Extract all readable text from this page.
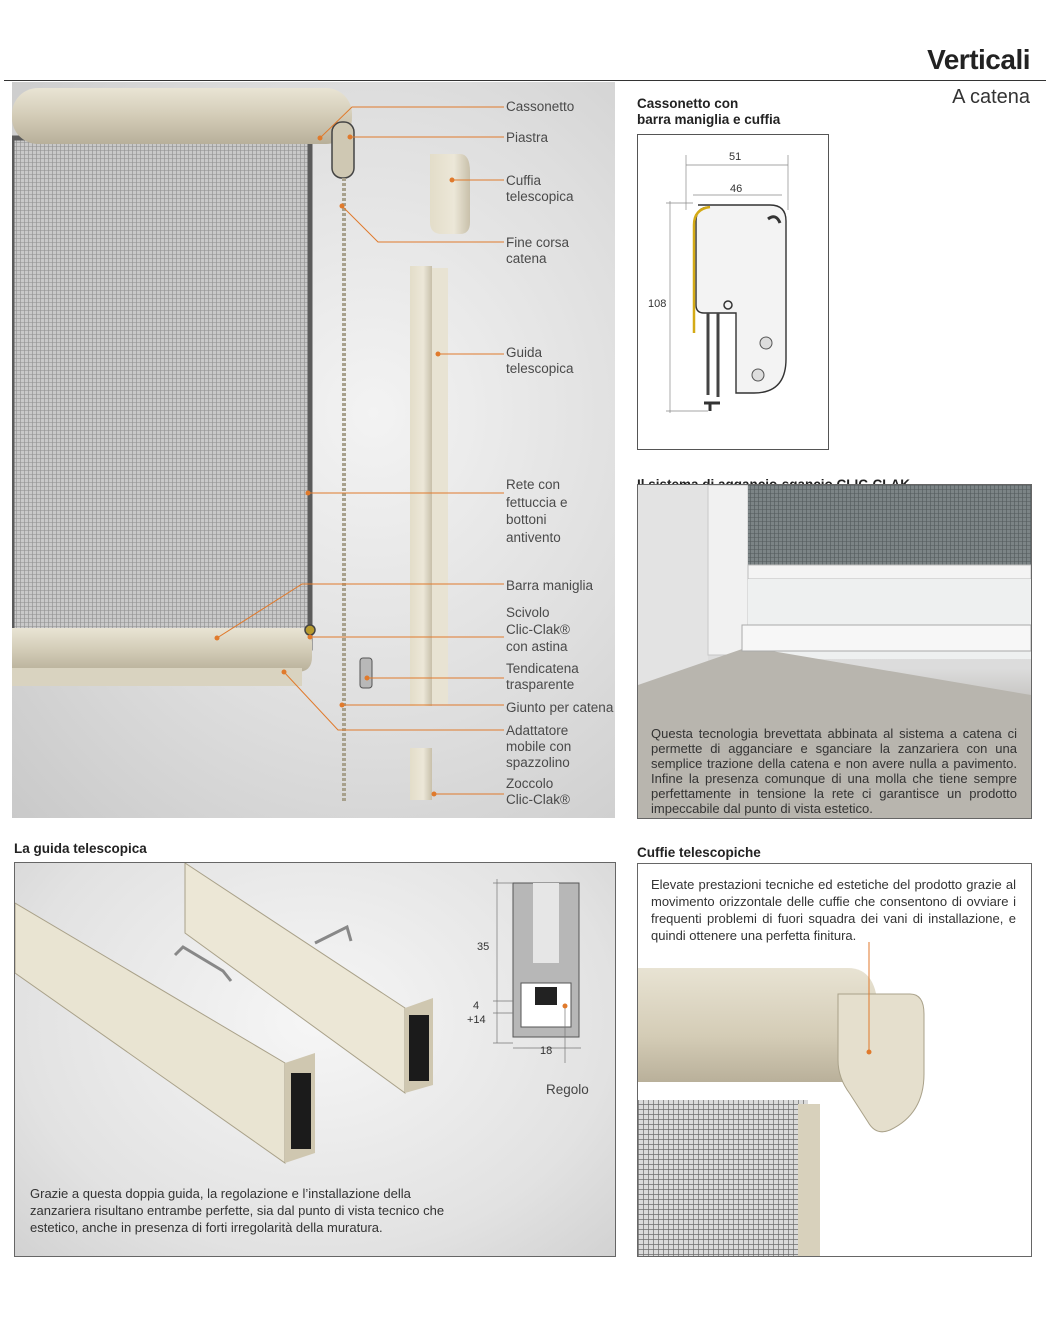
Verticali
A catena
Cassonetto
Piastra
Cuffia
telescopica
Fine corsa
catena
Guida
telescopica
Rete con
fettuccia e
bottoni
antivento
Barra maniglia
Scivolo
Clic-Clak®
con astina
Tendicatena
trasparente
Giunto per catena
Adattatore
mobile con
spazzolino
Zoccolo
Clic-Clak®
Cassonetto con
barra maniglia e cuffia
51
46
108

Questa tecnologia brevettata abbinata al sistema a catena ci permette di agganciare e sganciare la zanzariera con una semplice trazione della catena e non avere nulla a pavimento. Infine la presenza comunque di una molla che tiene sempre perfettamente in tensione la rete ci garantisce un prodotto impeccabile dal punto di vista estetico.
La guida telescopica
35
4
+14
18
Regolo
Grazie a questa doppia guida, la regolazione e l’installazione della zanzariera risultano entrambe perfette, sia dal punto di vista tecnico che estetico, anche in presenza di forti irregolarità della muratura.
Cuffie telescopiche
Elevate prestazioni tecniche ed estetiche del prodotto grazie al movimento orizzontale delle cuffie che consentono di ovviare i frequenti problemi di fuori squadra dei vani di installazione, e quindi ottenere una perfetta finitura.
